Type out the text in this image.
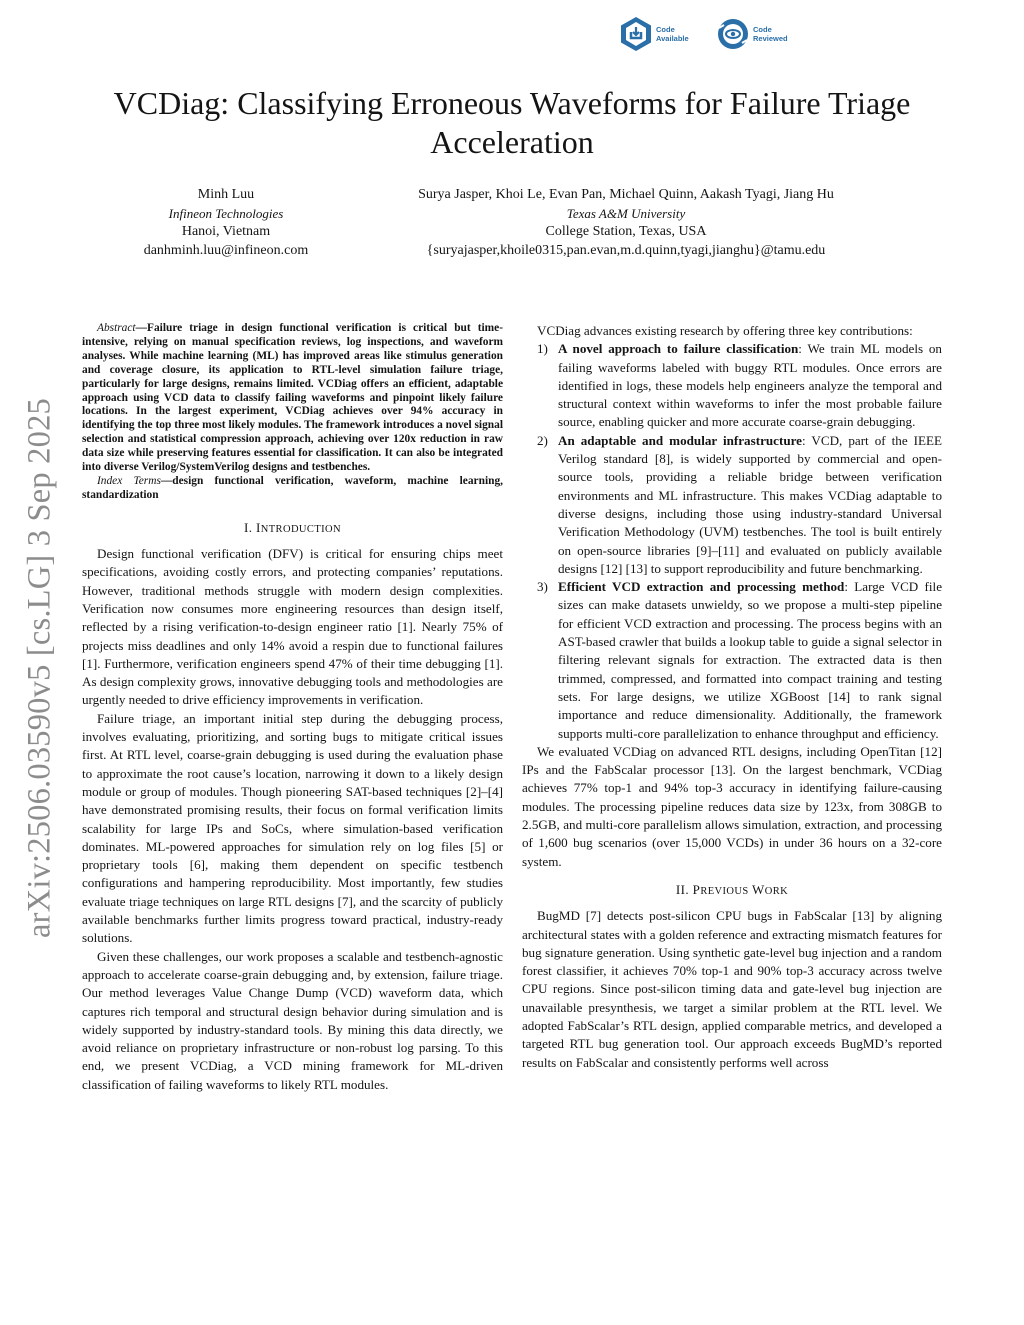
Code
Available
Code
Reviewed
arXiv:2506.03590v5 [cs.LG] 3 Sep 2025
VCDiag: Classifying Erroneous Waveforms for Failure Triage Acceleration
Minh Luu
Infineon Technologies
Hanoi, Vietnam
danhminh.luu@infineon.com
Surya Jasper, Khoi Le, Evan Pan, Michael Quinn, Aakash Tyagi, Jiang Hu
Texas A&M University
College Station, Texas, USA
{suryajasper,khoile0315,pan.evan,m.d.quinn,tyagi,jianghu}@tamu.edu

Abstract—Failure triage in design functional verification is critical but time-intensive, relying on manual specification reviews, log inspections, and waveform analyses. While machine learning (ML) has improved areas like stimulus generation and coverage closure, its application to RTL-level simulation failure triage, particularly for large designs, remains limited. VCDiag offers an efficient, adaptable approach using VCD data to classify failing waveforms and pinpoint likely failure locations. In the largest experiment, VCDiag achieves over 94% accuracy in identifying the top three most likely modules. The framework introduces a novel signal selection and statistical compression approach, achieving over 120x reduction in raw data size while preserving features essential for classification. It can also be integrated into diverse Verilog/SystemVerilog designs and testbenches.

Index Terms—design functional verification, waveform, machine learning, standardization

I. INTRODUCTION

Design functional verification (DFV) is critical for ensuring chips meet specifications, avoiding costly errors, and protecting companies’ reputations. However, traditional methods struggle with modern design complexities. Verification now consumes more engineering resources than design itself, reflected by a rising verification-to-design engineer ratio [1]. Nearly 75% of projects miss deadlines and only 14% avoid a respin due to functional failures [1]. Furthermore, verification engineers spend 47% of their time debugging [1]. As design complexity grows, innovative debugging tools and methodologies are urgently needed to drive efficiency improvements in verification.

Failure triage, an important initial step during the debugging process, involves evaluating, prioritizing, and sorting bugs to mitigate critical issues first. At RTL level, coarse-grain debugging is used during the evaluation phase to approximate the root cause’s location, narrowing it down to a likely design module or group of modules. Though pioneering SAT-based techniques [2]–[4] have demonstrated promising results, their focus on formal verification limits scalability for large IPs and SoCs, where simulation-based verification dominates. ML-powered approaches for simulation rely on log files [5] or proprietary tools [6], making them dependent on specific testbench configurations and hampering reproducibility. Most importantly, few studies evaluate triage techniques on large RTL designs [7], and the scarcity of publicly available benchmarks further limits progress toward practical, industry-ready solutions.

Given these challenges, our work proposes a scalable and testbench-agnostic approach to accelerate coarse-grain debugging and, by extension, failure triage. Our method leverages Value Change Dump (VCD) waveform data, which captures rich temporal and structural design behavior during simulation and is widely supported by industry-standard tools. By mining this data directly, we avoid reliance on proprietary infrastructure or non-robust log parsing. To this end, we present VCDiag, a VCD mining framework for ML-driven classification of failing waveforms to likely RTL modules.

VCDiag advances existing research by offering three key contributions:

1) A novel approach to failure classification: We train ML models on failing waveforms labeled with buggy RTL modules. Once errors are identified in logs, these models help engineers analyze the temporal and structural context within waveforms to infer the most probable failure source, enabling quicker and more accurate coarse-grain debugging.
2) An adaptable and modular infrastructure: VCD, part of the IEEE Verilog standard [8], is widely supported by commercial and open-source tools, providing a reliable bridge between verification environments and ML infrastructure. This makes VCDiag adaptable to diverse designs, including those using industry-standard Universal Verification Methodology (UVM) testbenches. The tool is built entirely on open-source libraries [9]–[11] and evaluated on publicly available designs [12] [13] to support reproducibility and future benchmarking.
3) Efficient VCD extraction and processing method: Large VCD file sizes can make datasets unwieldy, so we propose a multi-step pipeline for efficient VCD extraction and processing. The process begins with an AST-based crawler that builds a lookup table to guide a signal selector in filtering relevant signals for extraction. The extracted data is then trimmed, compressed, and formatted into compact training and testing sets. For large designs, we utilize XGBoost [14] to rank signal importance and reduce dimensionality. Additionally, the framework supports multi-core parallelization to enhance throughput and efficiency.

We evaluated VCDiag on advanced RTL designs, including OpenTitan [12] IPs and the FabScalar processor [13]. On the largest benchmark, VCDiag achieves 77% top-1 and 94% top-3 accuracy in identifying failure-causing modules. The processing pipeline reduces data size by 123x, from 308GB to 2.5GB, and multi-core parallelism allows simulation, extraction, and processing of 1,600 bug scenarios (over 15,000 VCDs) in under 36 hours on a 32-core system.

II. PREVIOUS WORK

BugMD [7] detects post-silicon CPU bugs in FabScalar [13] by aligning architectural states with a golden reference and extracting mismatch features for bug signature generation. Using synthetic gate-level bug injection and a random forest classifier, it achieves 70% top-1 and 90% top-3 accuracy across twelve CPU regions. Since post-silicon timing data and gate-level bug injection are unavailable presynthesis, we target a similar problem at the RTL level. We adopted FabScalar’s RTL design, applied comparable metrics, and developed a targeted RTL bug generation tool. Our approach exceeds BugMD’s reported results on FabScalar and consistently performs well across
